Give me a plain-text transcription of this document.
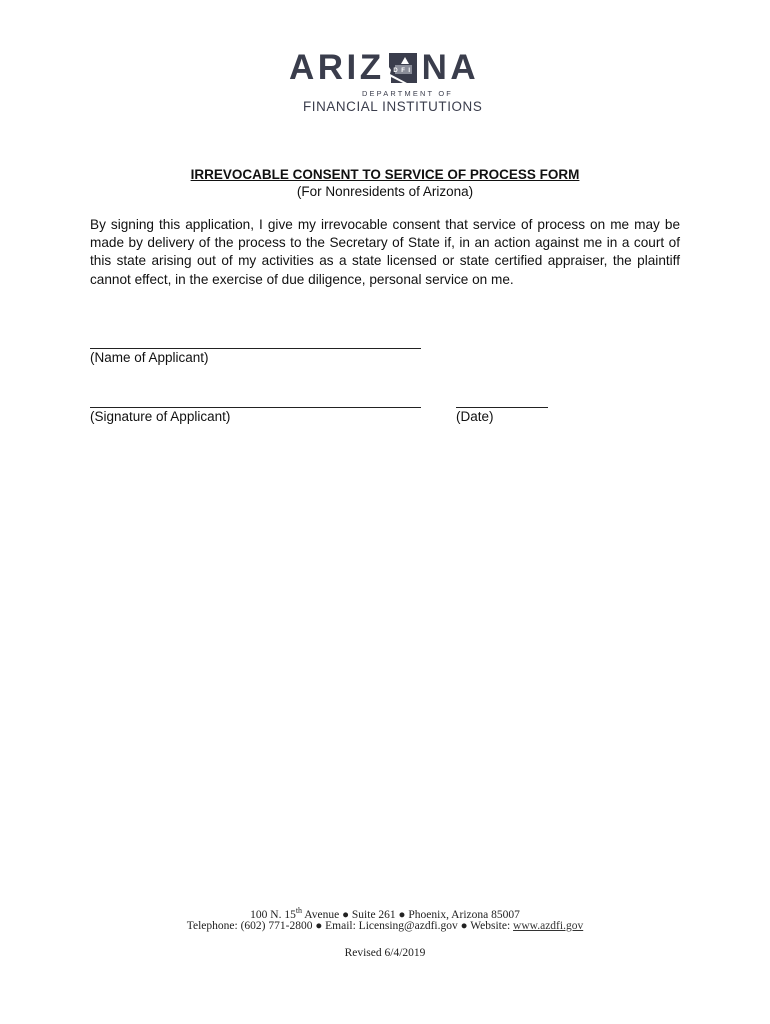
ARIZ DFI NA
DEPARTMENT OF
FINANCIAL INSTITUTIONS
IRREVOCABLE CONSENT TO SERVICE OF PROCESS FORM
(For Nonresidents of Arizona)
By signing this application, I give my irrevocable consent that service of process on me may be made by delivery of the process to the Secretary of State if, in an action against me in a court of this state arising out of my activities as a state licensed or state certified appraiser, the plaintiff cannot effect, in the exercise of due diligence, personal service on me.
(Name of Applicant)
(Signature of Applicant)	(Date)
100 N. 15th Avenue ● Suite 261 ● Phoenix, Arizona 85007
Telephone: (602) 771-2800 ● Email: Licensing@azdfi.gov ● Website: www.azdfi.gov
Revised 6/4/2019
